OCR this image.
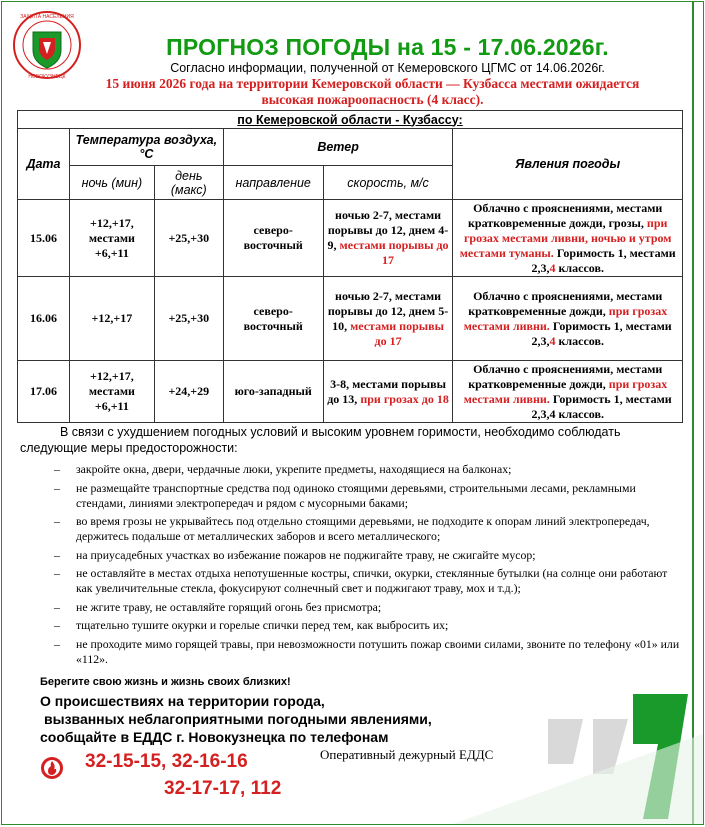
ЗАЩИТА НАСЕЛЕНИЯ
НОВОКУЗНЕЦК
ПРОГНОЗ ПОГОДЫ на 15 - 17.06.2026г.
Согласно информации, полученной от Кемеровского ЦГМС от 14.06.2026г.
15 июня 2026 года на территории Кемеровской области — Кузбасса местами ожидается высокая пожароопасность (4 класс).
по Кемеровской области - Кузбассу:					
Дата	Температура воздуха, °С		Ветер		Явления погоды
	ночь (мин)	день (макс)	направление	скорость, м/с	
15.06	+12,+17, местами +6,+11	+25,+30	северо-восточный	ночью 2-7, местами порывы до 12, днем 4-9, местами порывы до 17	Облачно с прояснениями, местами кратковременные дожди, грозы, при грозах местами ливни, ночью и утром местами туманы. Горимость 1, местами 2,3,4 классов.
16.06	+12,+17	+25,+30	северо-восточный	ночью 2-7, местами порывы до 12, днем 5-10, местами порывы до 17	Облачно с прояснениями, местами кратковременные дожди, при грозах местами ливни. Горимость 1, местами 2,3,4 классов.
17.06	+12,+17, местами +6,+11	+24,+29	юго-западный	3-8, местами порывы до 13, при грозах до 18	Облачно с прояснениями, местами кратковременные дожди, при грозах местами ливни. Горимость 1, местами 2,3,4 классов.
В связи с ухудшением погодных условий и высоким уровнем горимости, необходимо соблюдать следующие меры предосторожности:
– закройте окна, двери, чердачные люки, укрепите предметы, находящиеся на балконах;
– не размещайте транспортные средства под одиноко стоящими деревьями, строительными лесами, рекламными стендами, линиями электропередач и рядом с мусорными баками;
– во время грозы не укрывайтесь под отдельно стоящими деревьями, не подходите к опорам линий электропередач, держитесь подальше от металлических заборов и всего металлического;
– на приусадебных участках во избежание пожаров не поджигайте траву, не сжигайте мусор;
– не оставляйте в местах отдыха непотушенные костры, спички, окурки, стеклянные бутылки (на солнце они работают как увеличительные стекла, фокусируют солнечный свет и поджигают траву, мох и т.д.);
– не жгите траву, не оставляйте горящий огонь без присмотра;
– тщательно тушите окурки и горелые спички перед тем, как выбросить их;
– не проходите мимо горящей травы, при невозможности потушить пожар своими силами, звоните по телефону «01» или «112».
Берегите свою жизнь и жизнь своих близких!
О происшествиях на территории города,
вызванных неблагоприятными погодными явлениями,
сообщайте в ЕДДС г. Новокузнецка по телефонам
32-15-15, 32-16-16
32-17-17, 112
Оперативный дежурный ЕДДС
